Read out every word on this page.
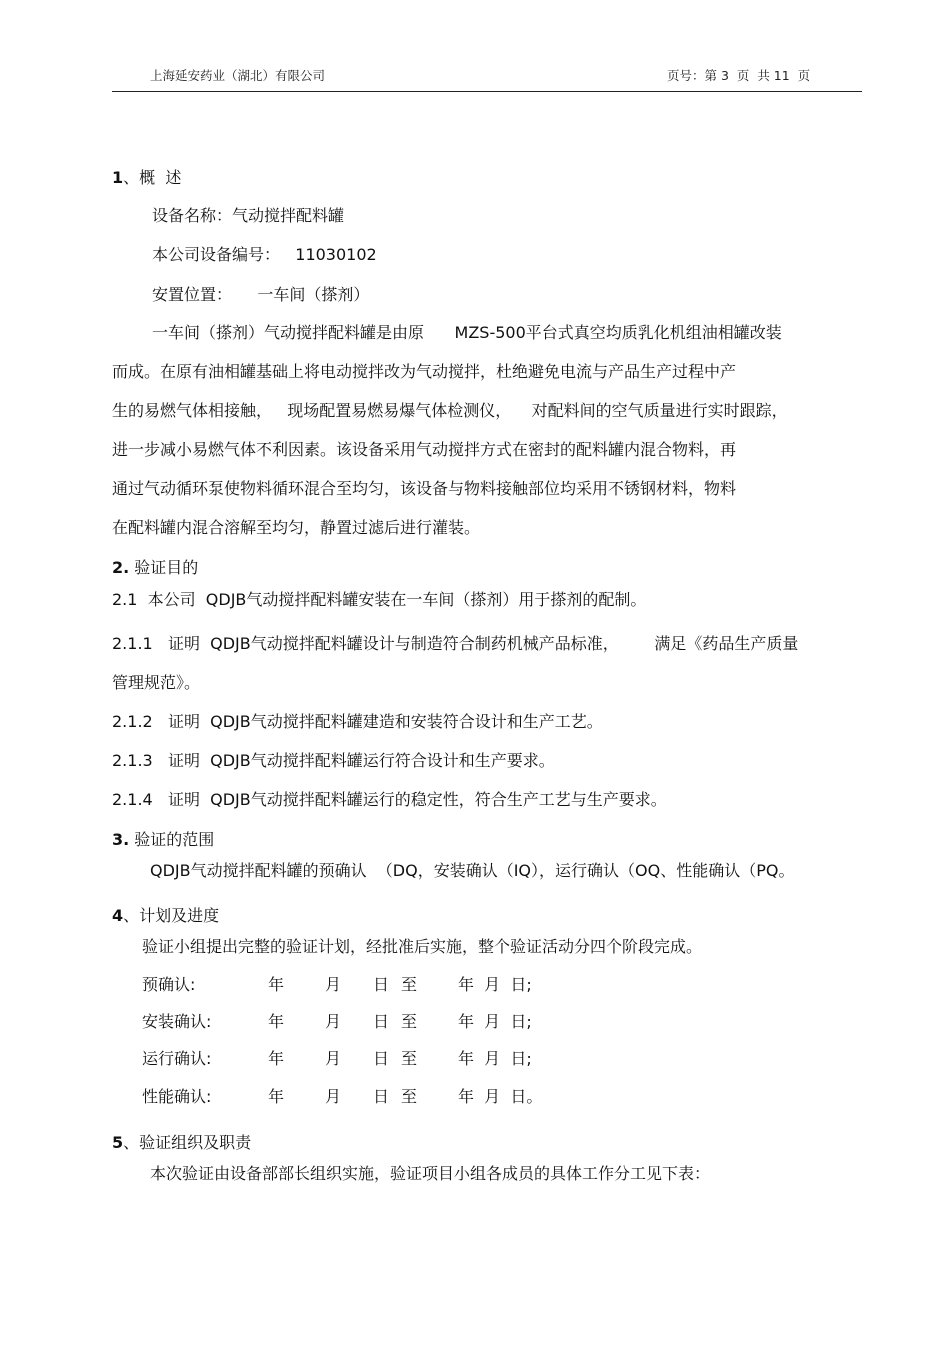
上海延安药业（湖北）有限公司	页号：第 3  页  共 11  页
1、概  述
设备名称：气动搅拌配料罐
本公司设备编号：   11030102
安置位置：     一车间（搽剂）
一车间（搽剂）气动搅拌配料罐是由原      MZS-500平台式真空均质乳化机组油相罐改装
而成。在原有油相罐基础上将电动搅拌改为气动搅拌，杜绝避免电流与产品生产过程中产
生的易燃气体相接触，   现场配置易燃易爆气体检测仪，    对配料间的空气质量进行实时跟踪，
进一步减小易燃气体不利因素。该设备采用气动搅拌方式在密封的配料罐内混合物料，再
通过气动循环泵使物料循环混合至均匀，该设备与物料接触部位均采用不锈钢材料，物料
在配料罐内混合溶解至均匀，静置过滤后进行灌装。
2. 验证目的
2.1  本公司  QDJB气动搅拌配料罐安装在一车间（搽剂）用于搽剂的配制。
2.1.1   证明  QDJB气动搅拌配料罐设计与制造符合制药机械产品标准，       满足《药品生产质量
管理规范》。
2.1.2   证明  QDJB气动搅拌配料罐建造和安装符合设计和生产工艺。
2.1.3   证明  QDJB气动搅拌配料罐运行符合设计和生产要求。
2.1.4   证明  QDJB气动搅拌配料罐运行的稳定性，符合生产工艺与生产要求。
3. 验证的范围
QDJB气动搅拌配料罐的预确认  （DQ，安装确认（IQ），运行确认（OQ、性能确认（PQ。
4、计划及进度
验证小组提出完整的验证计划，经批准后实施，整个验证活动分四个阶段完成。
预确认:	年	月 日 至	年  月  日;
安装确认:	年	月 日 至	年  月  日;
运行确认:	年	月 日 至	年  月  日;
性能确认:	年	月 日 至	年  月  日。
5、验证组织及职责
本次验证由设备部部长组织实施，验证项目小组各成员的具体工作分工见下表：
